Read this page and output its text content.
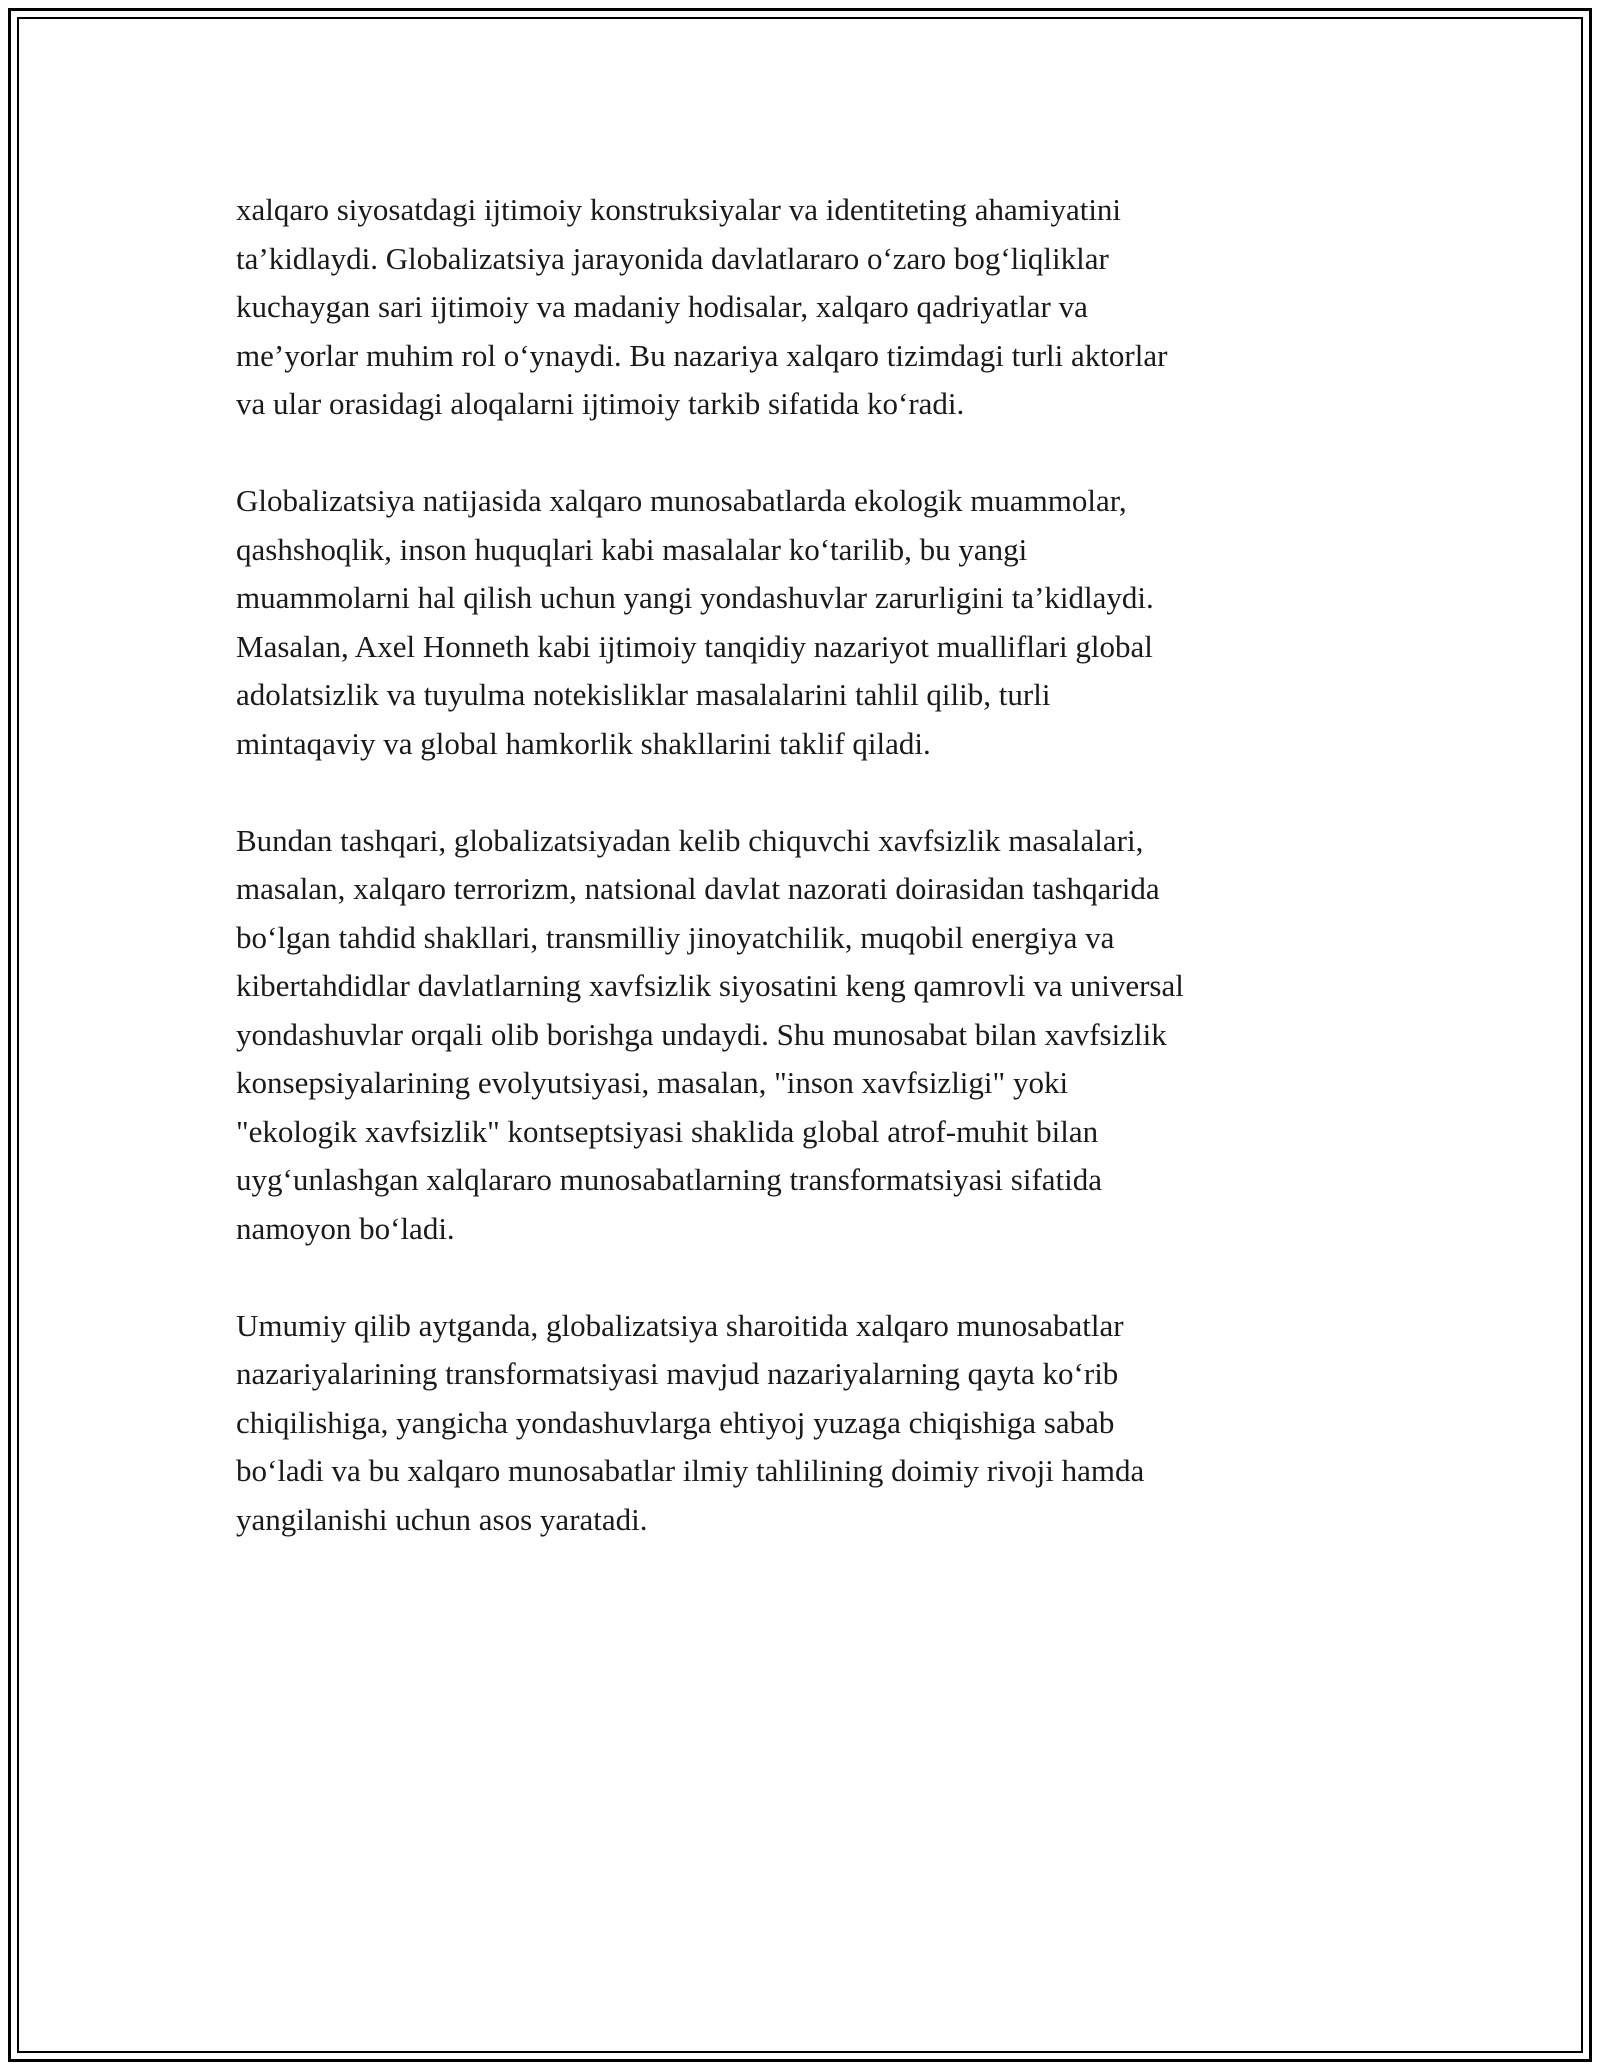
xalqaro siyosatdagi ijtimoiy konstruksiyalar va identiteting ahamiyatini
ta’kidlaydi. Globalizatsiya jarayonida davlatlararo o‘zaro bog‘liqliklar
kuchaygan sari ijtimoiy va madaniy hodisalar, xalqaro qadriyatlar va
me’yorlar muhim rol o‘ynaydi. Bu nazariya xalqaro tizimdagi turli aktorlar
va ular orasidagi aloqalarni ijtimoiy tarkib sifatida ko‘radi.

Globalizatsiya natijasida xalqaro munosabatlarda ekologik muammolar,
qashshoqlik, inson huquqlari kabi masalalar ko‘tarilib, bu yangi
muammolarni hal qilish uchun yangi yondashuvlar zarurligini ta’kidlaydi.
Masalan, Axel Honneth kabi ijtimoiy tanqidiy nazariyot mualliflari global
adolatsizlik va tuyulma notekisliklar masalalarini tahlil qilib, turli
mintaqaviy va global hamkorlik shakllarini taklif qiladi.

Bundan tashqari, globalizatsiyadan kelib chiquvchi xavfsizlik masalalari,
masalan, xalqaro terrorizm, natsional davlat nazorati doirasidan tashqarida
bo‘lgan tahdid shakllari, transmilliy jinoyatchilik, muqobil energiya va
kibertahdidlar davlatlarning xavfsizlik siyosatini keng qamrovli va universal
yondashuvlar orqali olib borishga undaydi. Shu munosabat bilan xavfsizlik
konsepsiyalarining evolyutsiyasi, masalan, "inson xavfsizligi" yoki
"ekologik xavfsizlik" kontseptsiyasi shaklida global atrof-muhit bilan
uyg‘unlashgan xalqlararo munosabatlarning transformatsiyasi sifatida
namoyon bo‘ladi.

Umumiy qilib aytganda, globalizatsiya sharoitida xalqaro munosabatlar
nazariyalarining transformatsiyasi mavjud nazariyalarning qayta ko‘rib
chiqilishiga, yangicha yondashuvlarga ehtiyoj yuzaga chiqishiga sabab
bo‘ladi va bu xalqaro munosabatlar ilmiy tahlilining doimiy rivoji hamda
yangilanishi uchun asos yaratadi.
